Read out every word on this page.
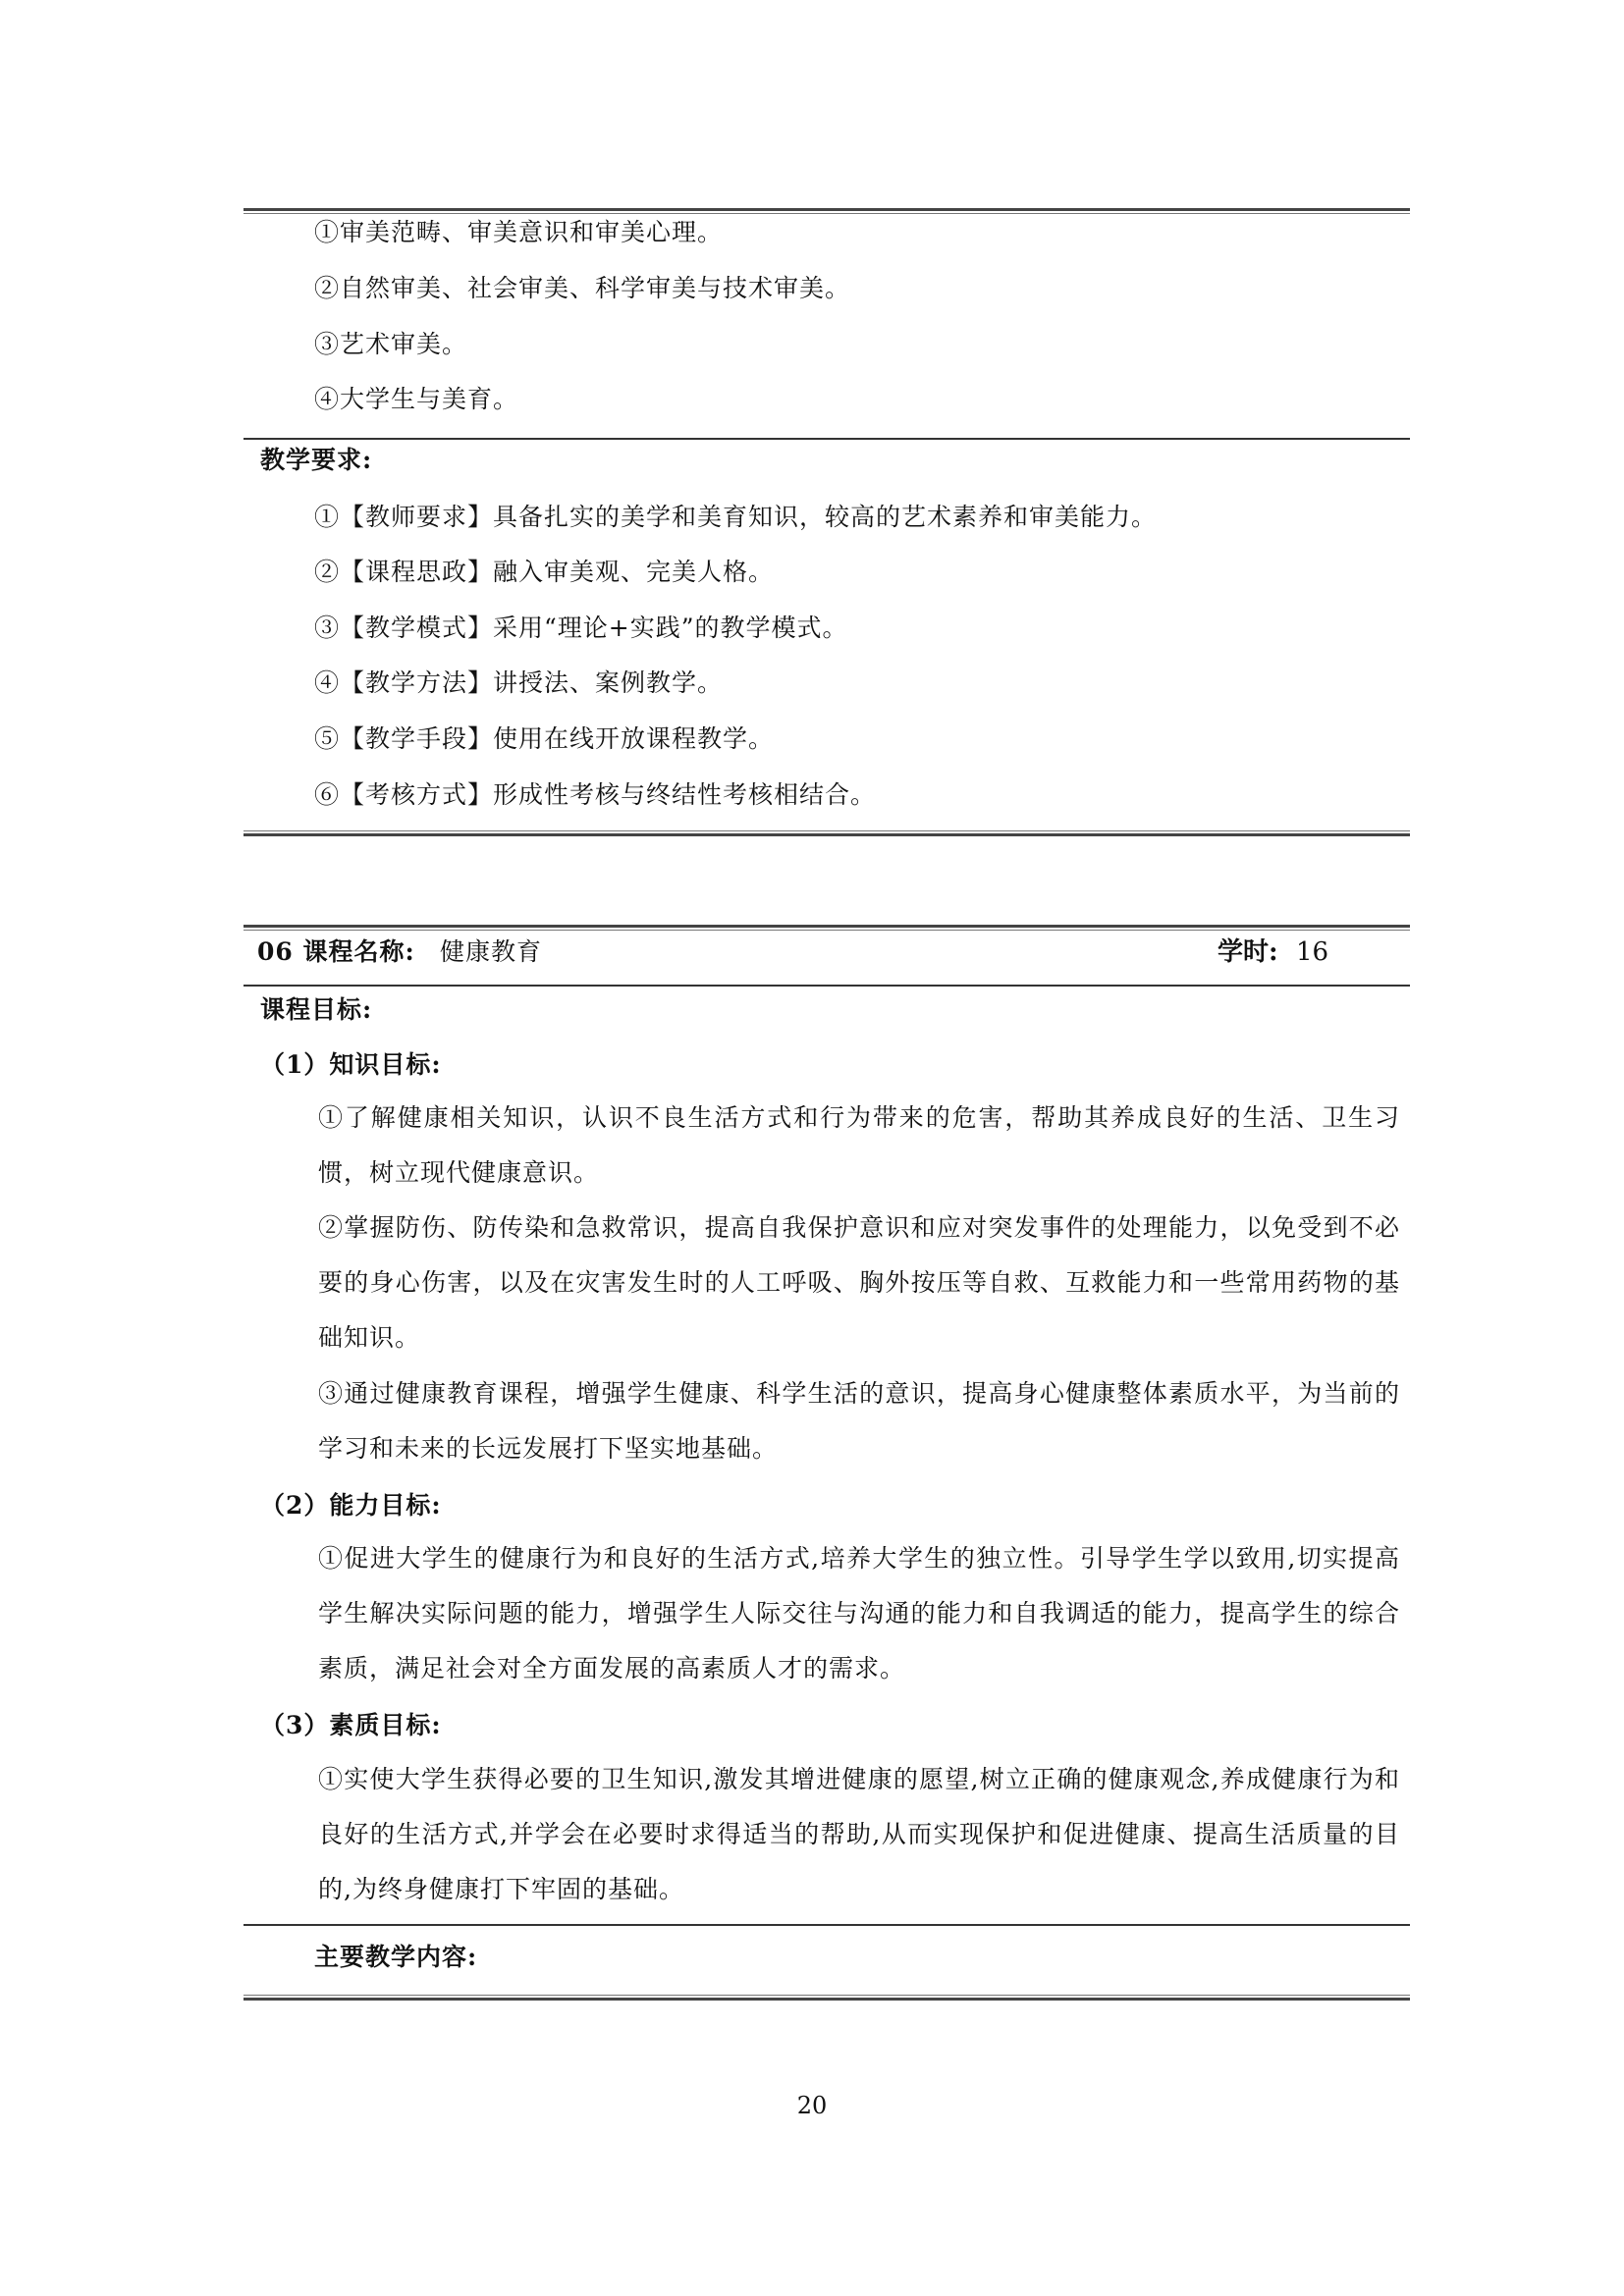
①审美范畴、审美意识和审美心理。
②自然审美、社会审美、科学审美与技术审美。
③艺术审美。
④大学生与美育。
教学要求:
①【教师要求】具备扎实的美学和美育知识，较高的艺术素养和审美能力。
②【课程思政】融入审美观、完美人格。
③【教学模式】采用“理论+实践”的教学模式。
④【教学方法】讲授法、案例教学。
⑤【教学手段】使用在线开放课程教学。
⑥【考核方式】形成性考核与终结性考核相结合。
06 课程名称: 健康教育	学时: 16
课程目标:
（1）知识目标:
①了解健康相关知识，认识不良生活方式和行为带来的危害，帮助其养成良好的生活、卫生习惯，树立现代健康意识。
②掌握防伤、防传染和急救常识，提高自我保护意识和应对突发事件的处理能力，以免受到不必要的身心伤害，以及在灾害发生时的人工呼吸、胸外按压等自救、互救能力和一些常用药物的基础知识。
③通过健康教育课程，增强学生健康、科学生活的意识，提高身心健康整体素质水平，为当前的学习和未来的长远发展打下坚实地基础。
（2）能力目标:
①促进大学生的健康行为和良好的生活方式,培养大学生的独立性。引导学生学以致用,切实提高学生解决实际问题的能力，增强学生人际交往与沟通的能力和自我调适的能力，提高学生的综合素质，满足社会对全方面发展的高素质人才的需求。
（3）素质目标:
①实使大学生获得必要的卫生知识,激发其增进健康的愿望,树立正确的健康观念,养成健康行为和良好的生活方式,并学会在必要时求得适当的帮助,从而实现保护和促进健康、提高生活质量的目的,为终身健康打下牢固的基础。
主要教学内容:
20
